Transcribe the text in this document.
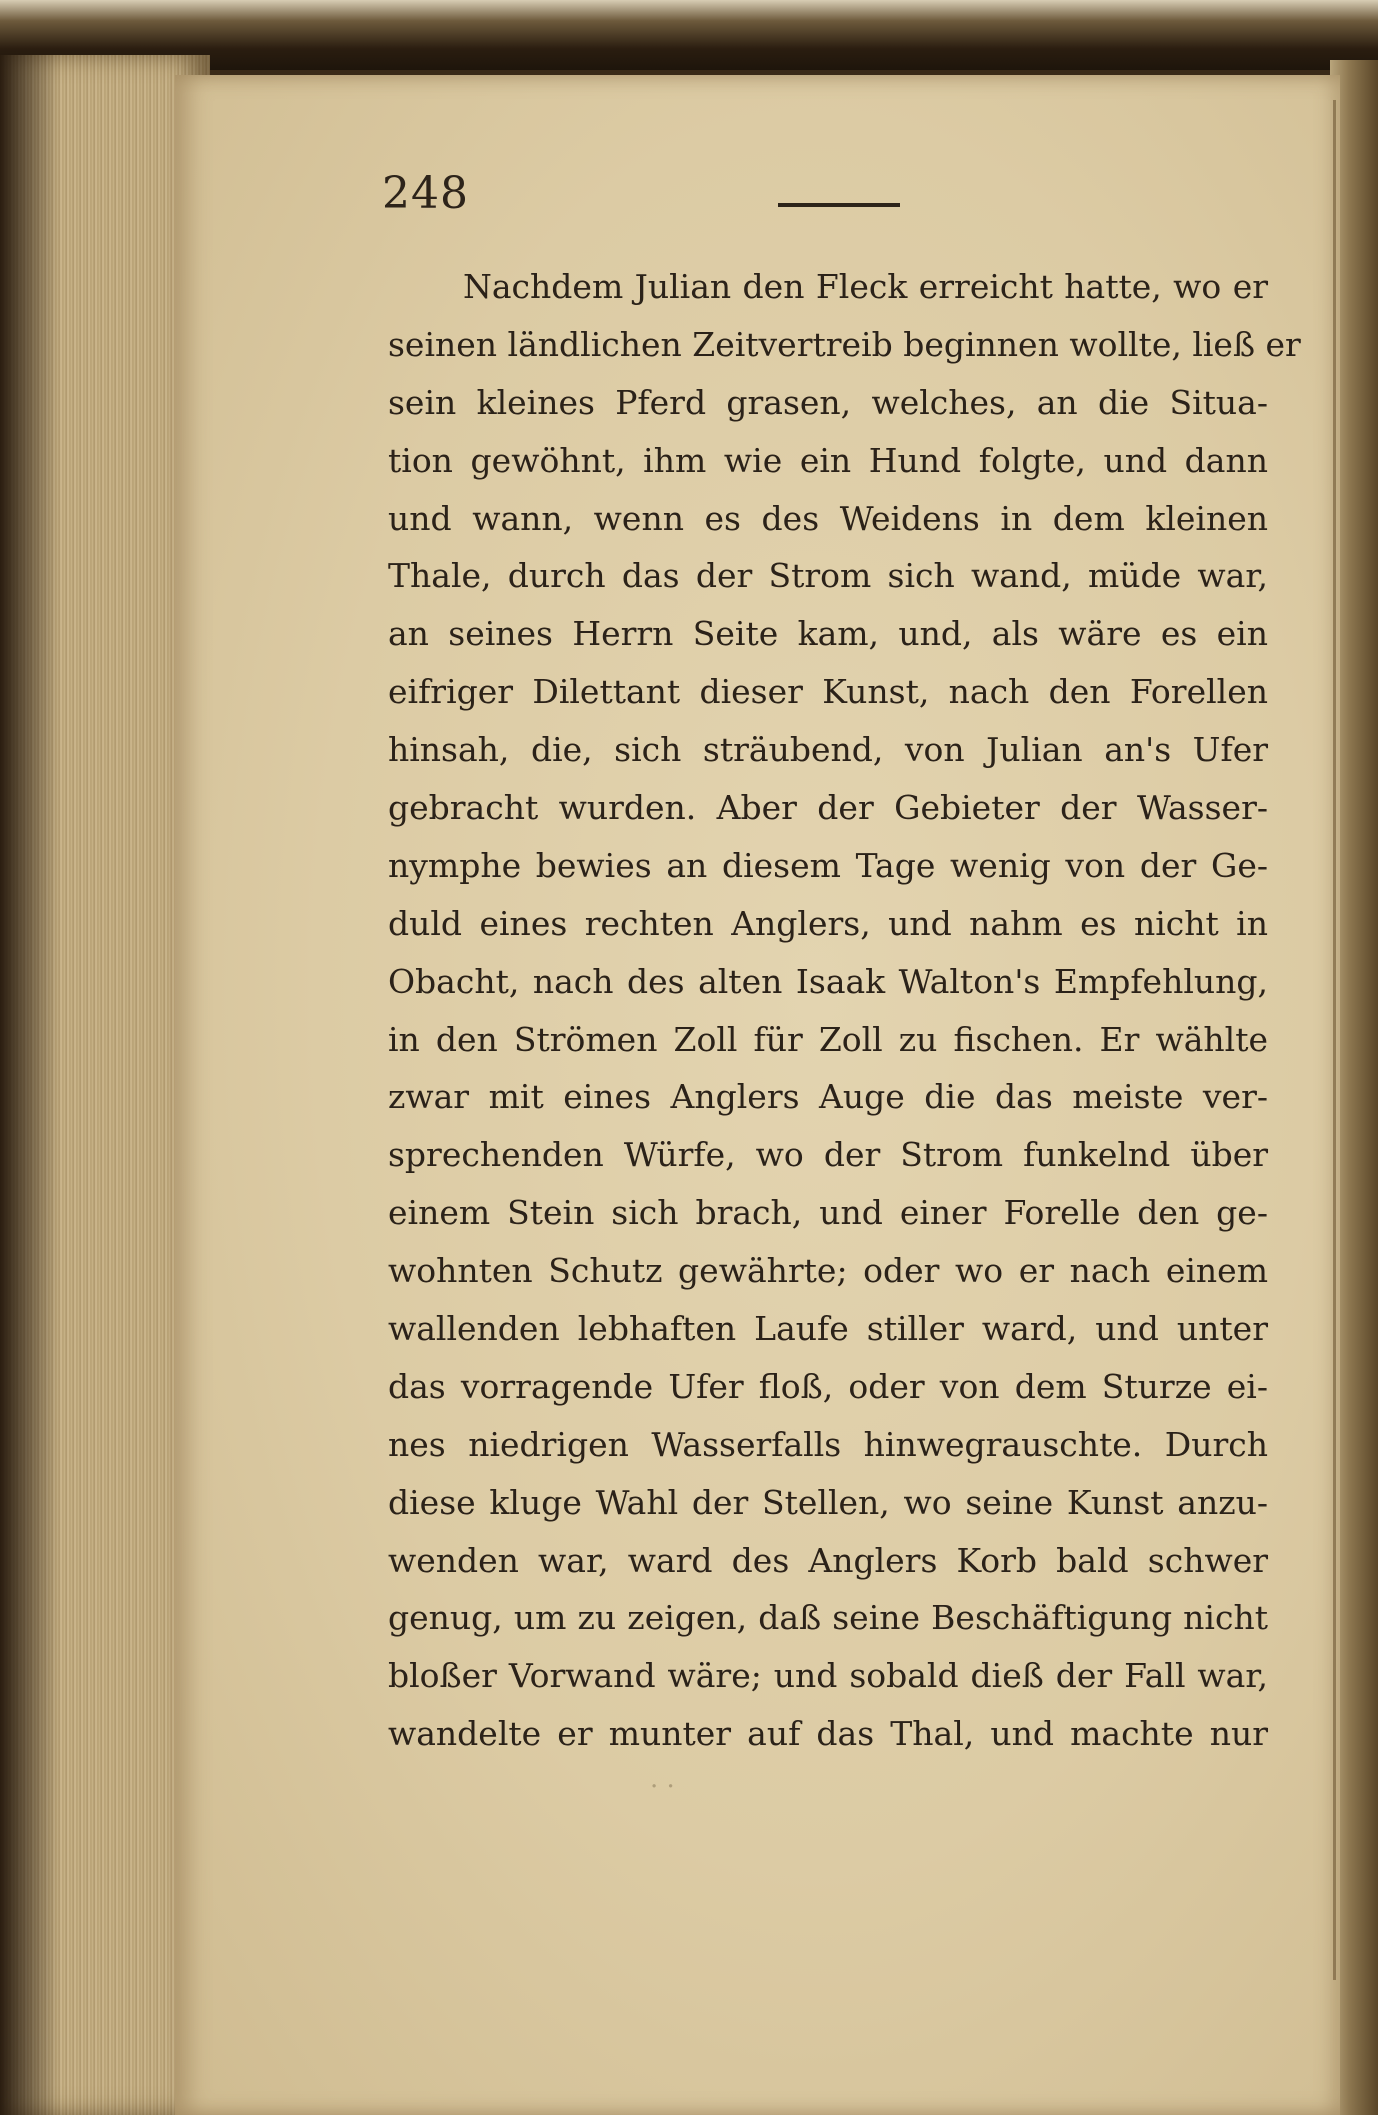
248
Nachdem Julian den Fleck erreicht hatte, wo er
seinen ländlichen Zeitvertreib beginnen wollte, ließ er
sein kleines Pferd grasen, welches, an die Situa-
tion gewöhnt, ihm wie ein Hund folgte, und dann
und wann, wenn es des Weidens in dem kleinen
Thale, durch das der Strom sich wand, müde war,
an seines Herrn Seite kam, und, als wäre es ein
eifriger Dilettant dieser Kunst, nach den Forellen
hinsah, die, sich sträubend, von Julian an's Ufer
gebracht wurden. Aber der Gebieter der Wasser-
nymphe bewies an diesem Tage wenig von der Ge-
duld eines rechten Anglers, und nahm es nicht in
Obacht, nach des alten Isaak Walton's Empfehlung,
in den Strömen Zoll für Zoll zu fischen. Er wählte
zwar mit eines Anglers Auge die das meiste ver-
sprechenden Würfe, wo der Strom funkelnd über
einem Stein sich brach, und einer Forelle den ge-
wohnten Schutz gewährte; oder wo er nach einem
wallenden lebhaften Laufe stiller ward, und unter
das vorragende Ufer floß, oder von dem Sturze ei-
nes niedrigen Wasserfalls hinwegrauschte. Durch
diese kluge Wahl der Stellen, wo seine Kunst anzu-
wenden war, ward des Anglers Korb bald schwer
genug, um zu zeigen, daß seine Beschäftigung nicht
bloßer Vorwand wäre; und sobald dieß der Fall war,
wandelte er munter auf das Thal, und machte nur
· ·
